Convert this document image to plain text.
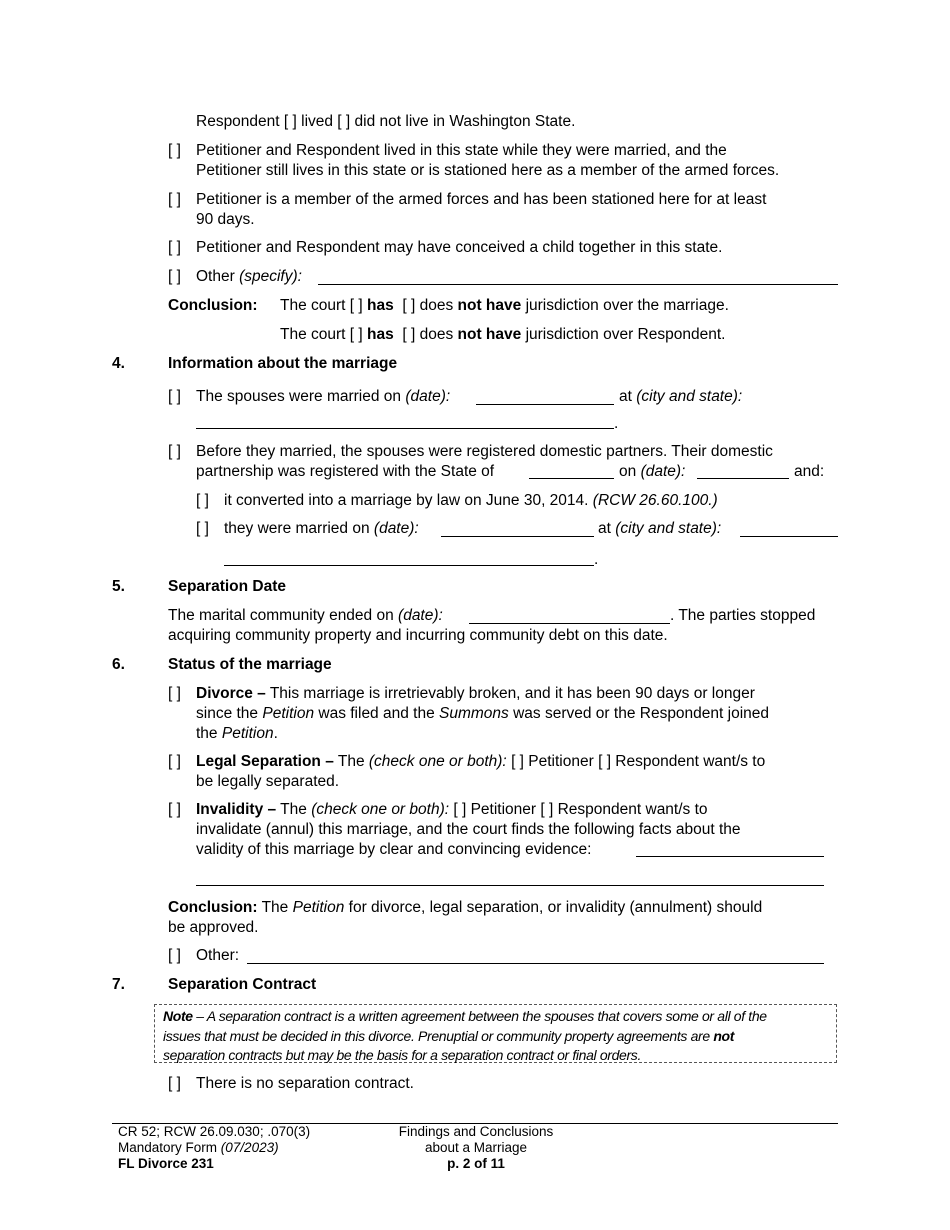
Respondent [ ] lived [ ] did not live in Washington State.
[ ] Petitioner and Respondent lived in this state while they were married, and the
Petitioner still lives in this state or is stationed here as a member of the armed forces.
[ ] Petitioner is a member of the armed forces and has been stationed here for at least
90 days.
[ ] Petitioner and Respondent may have conceived a child together in this state.
[ ] Other (specify):
Conclusion: The court [ ] has [ ] does not have jurisdiction over the marriage.
The court [ ] has [ ] does not have jurisdiction over Respondent.
4.	Information about the marriage
[ ] The spouses were married on (date):	at (city and state):
.
[ ] Before they married, the spouses were registered domestic partners. Their domestic
partnership was registered with the State of	on (date):	and:
[ ] it converted into a marriage by law on June 30, 2014. (RCW 26.60.100.)
[ ] they were married on (date):	at (city and state):
.
5.	Separation Date
The marital community ended on (date):	. The parties stopped
acquiring community property and incurring community debt on this date.
6.	Status of the marriage
[ ] Divorce – This marriage is irretrievably broken, and it has been 90 days or longer
since the Petition was filed and the Summons was served or the Respondent joined
the Petition.
[ ] Legal Separation – The (check one or both): [ ] Petitioner [ ] Respondent want/s to
be legally separated.
[ ] Invalidity – The (check one or both): [ ] Petitioner [ ] Respondent want/s to
invalidate (annul) this marriage, and the court finds the following facts about the
validity of this marriage by clear and convincing evidence:
Conclusion: The Petition for divorce, legal separation, or invalidity (annulment) should
be approved.
[ ] Other:
7.	Separation Contract
Note – A separation contract is a written agreement between the spouses that covers some or all of the
issues that must be decided in this divorce. Prenuptial or community property agreements are not
separation contracts but may be the basis for a separation contract or final orders.
[ ] There is no separation contract.
CR 52; RCW 26.09.030; .070(3)
Mandatory Form (07/2023)
FL Divorce 231
Findings and Conclusions
about a Marriage
p. 2 of 11
